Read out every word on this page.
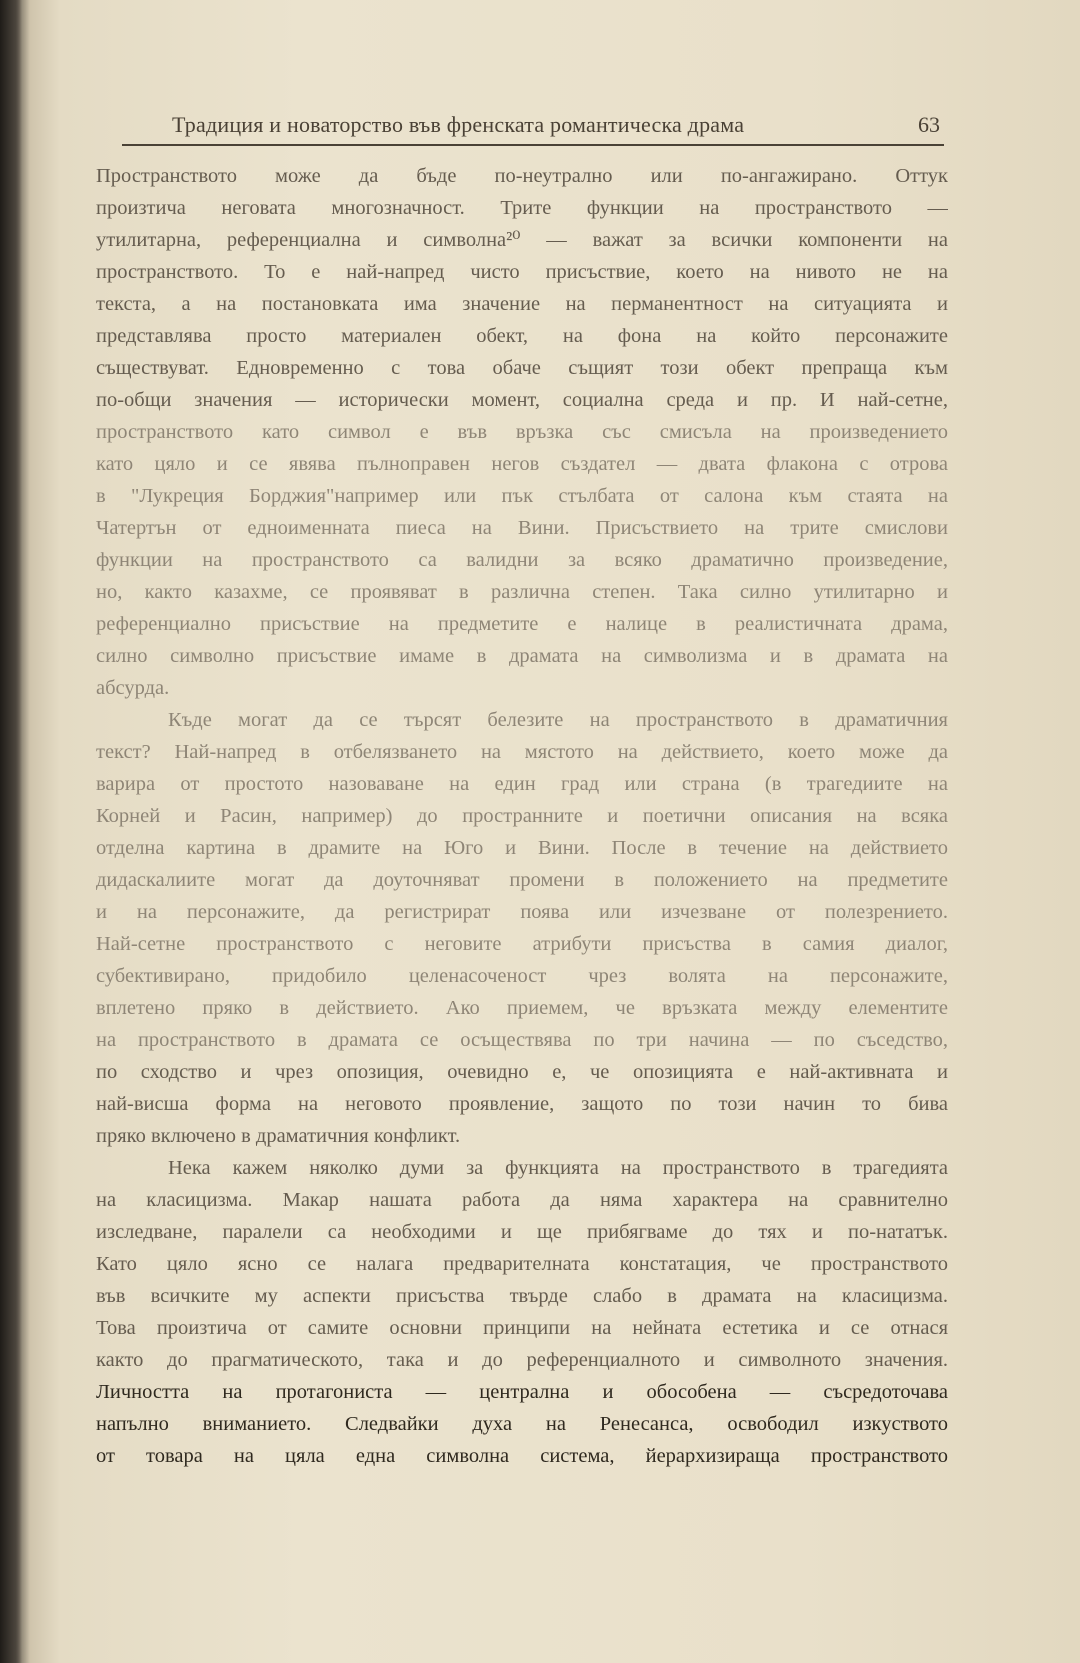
Традиция и новаторство във френската романтическа драма	63
Пространството може да бъде по-неутрално или по-ангажирано. Оттук
произтича неговата многозначност. Трите функции на пространството —
утилитарна, референциална и символна²⁰ — важат за всички компоненти на
пространството. То е най-напред чисто присъствие, което на нивото не на
текста, а на постановката има значение на перманентност на ситуацията и
представлява просто материален обект, на фона на който персонажите
съществуват. Едновременно с това обаче същият този обект препраща към
по-общи значения — исторически момент, социална среда и пр. И най-сетне,
пространството като символ е във връзка със смисъла на произведението
като цяло и се явява пълноправен негов създател — двата флакона с отрова
в "Лукреция Борджия"например или пък стълбата от салона към стаята на
Чатертън от едноименната пиеса на Вини. Присъствието на трите смислови
функции на пространството са валидни за всяко драматично произведение,
но, както казахме, се проявяват в различна степен. Така силно утилитарно и
референциално присъствие на предметите е налице в реалистичната драма,
силно символно присъствие имаме в драмата на символизма и в драмата на
абсурда.
Къде могат да се търсят белезите на пространството в драматичния
текст? Най-напред в отбелязването на мястото на действието, което може да
варира от простото назоваване на един град или страна (в трагедиите на
Корней и Расин, например) до пространните и поетични описания на всяка
отделна картина в драмите на Юго и Вини. После в течение на действието
дидаскалиите могат да доуточняват промени в положението на предметите
и на персонажите, да регистрират поява или изчезване от полезрението.
Най-сетне пространството с неговите атрибути присъства в самия диалог,
субективирано, придобило целенасоченост чрез волята на персонажите,
вплетено пряко в действието. Ако приемем, че връзката между елементите
на пространството в драмата се осъществява по три начина — по съседство,
по сходство и чрез опозиция, очевидно е, че опозицията е най-активната и
най-висша форма на неговото проявление, защото по този начин то бива
пряко включено в драматичния конфликт.
Нека кажем няколко думи за функцията на пространството в трагедията
на класицизма. Макар нашата работа да няма характера на сравнително
изследване, паралели са необходими и ще прибягваме до тях и по-нататък.
Като цяло ясно се налага предварителната констатация, че пространството
във всичките му аспекти присъства твърде слабо в драмата на класицизма.
Това произтича от самите основни принципи на нейната естетика и се отнася
както до прагматическото, така и до референциалното и символното значения.
Личността на протагониста — централна и обособена — съсредоточава
напълно вниманието. Следвайки духа на Ренесанса, освободил изкуството
от товара на цяла една символна система, йерархизираща пространството
